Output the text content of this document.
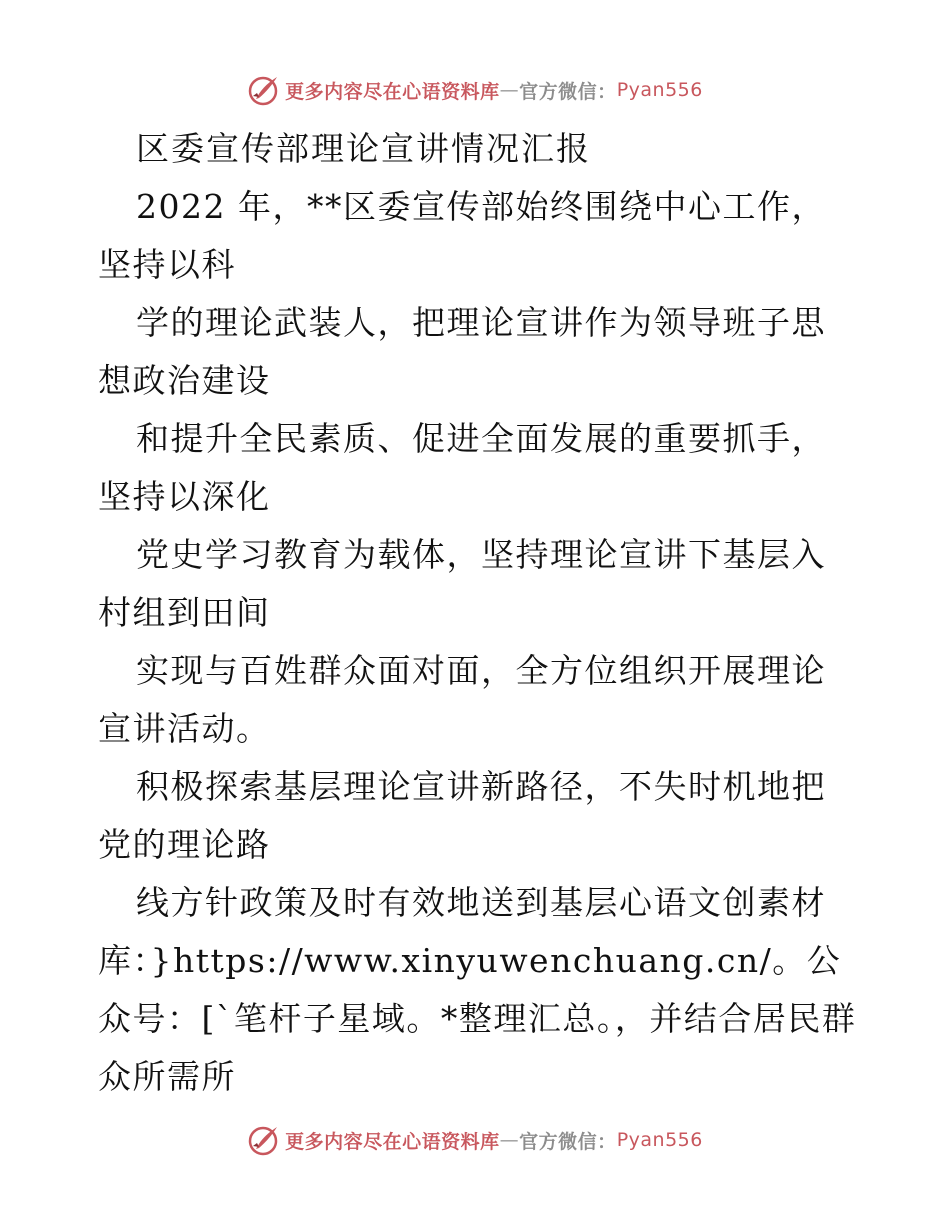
更多内容尽在心语资料库 — 官方微信： Pyan556

区委宣传部理论宣讲情况汇报

2022 年，**区委宣传部始终围绕中心工作，坚持以科

学的理论武装人，把理论宣讲作为领导班子思想政治建设

和提升全民素质、促进全面发展的重要抓手，坚持以深化

党史学习教育为载体，坚持理论宣讲下基层入村组到田间

实现与百姓群众面对面，全方位组织开展理论宣讲活动。

积极探索基层理论宣讲新路径，不失时机地把党的理论路

线方针政策及时有效地送到基层心语文创素材库：}https://www.xinyuwenchuang.cn/。公众号：[`笔杆子星域。*整理汇总。，并结合居民群众所需所

更多内容尽在心语资料库 — 官方微信： Pyan556
